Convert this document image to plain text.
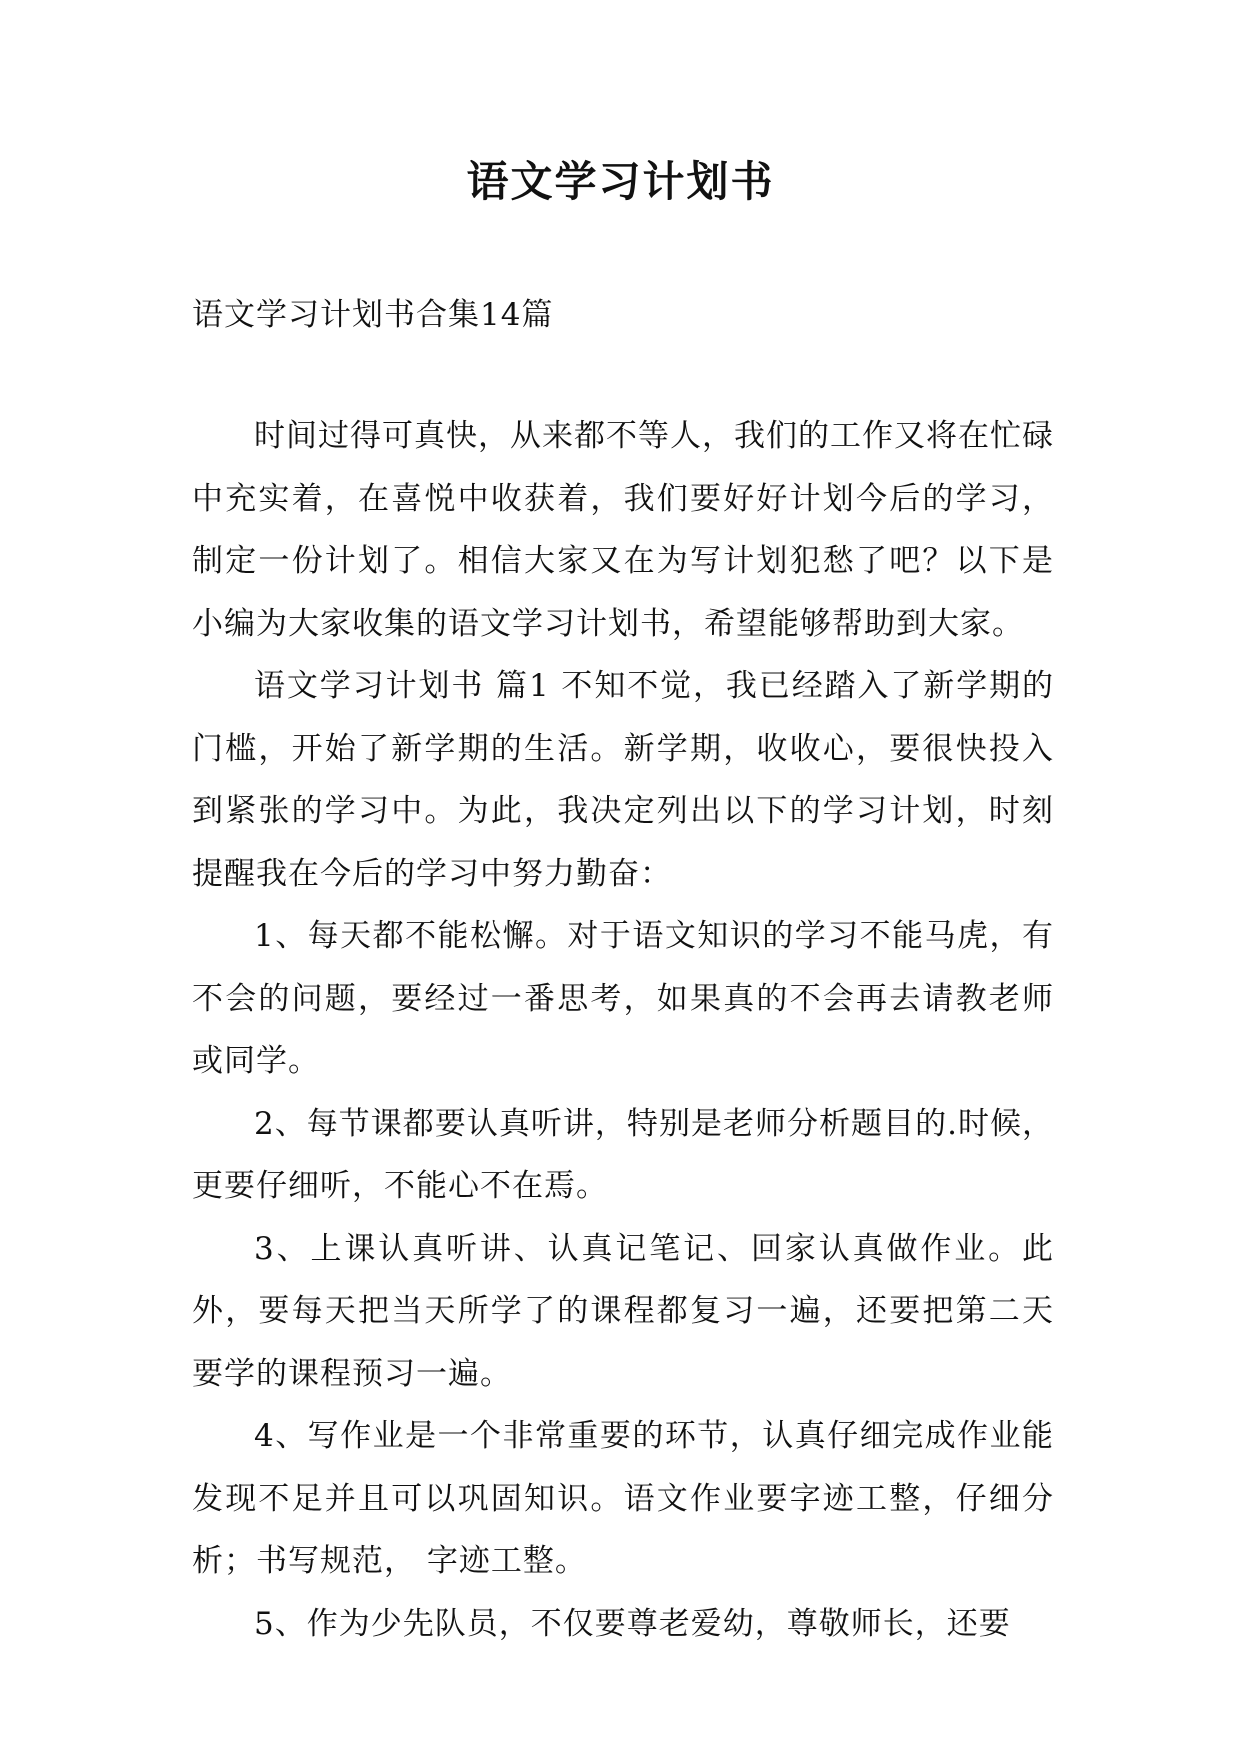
语文学习计划书
语文学习计划书合集14篇

时间过得可真快，从来都不等人，我们的工作又将在忙碌中充实着，在喜悦中收获着，我们要好好计划今后的学习，制定一份计划了。相信大家又在为写计划犯愁了吧？以下是小编为大家收集的语文学习计划书，希望能够帮助到大家。

语文学习计划书 篇1 不知不觉，我已经踏入了新学期的门槛，开始了新学期的生活。新学期，收收心，要很快投入到紧张的学习中。为此，我决定列出以下的学习计划，时刻提醒我在今后的学习中努力勤奋：

1、每天都不能松懈。对于语文知识的学习不能马虎，有不会的问题，要经过一番思考，如果真的不会再去请教老师或同学。

2、每节课都要认真听讲，特别是老师分析题目的.时候，更要仔细听，不能心不在焉。

3、上课认真听讲、认真记笔记、回家认真做作业。此外，要每天把当天所学了的课程都复习一遍，还要把第二天要学的课程预习一遍。

4、写作业是一个非常重要的环节，认真仔细完成作业能发现不足并且可以巩固知识。语文作业要字迹工整，仔细分析；书写规范， 字迹工整。

5、作为少先队员，不仅要尊老爱幼，尊敬师长，还要
